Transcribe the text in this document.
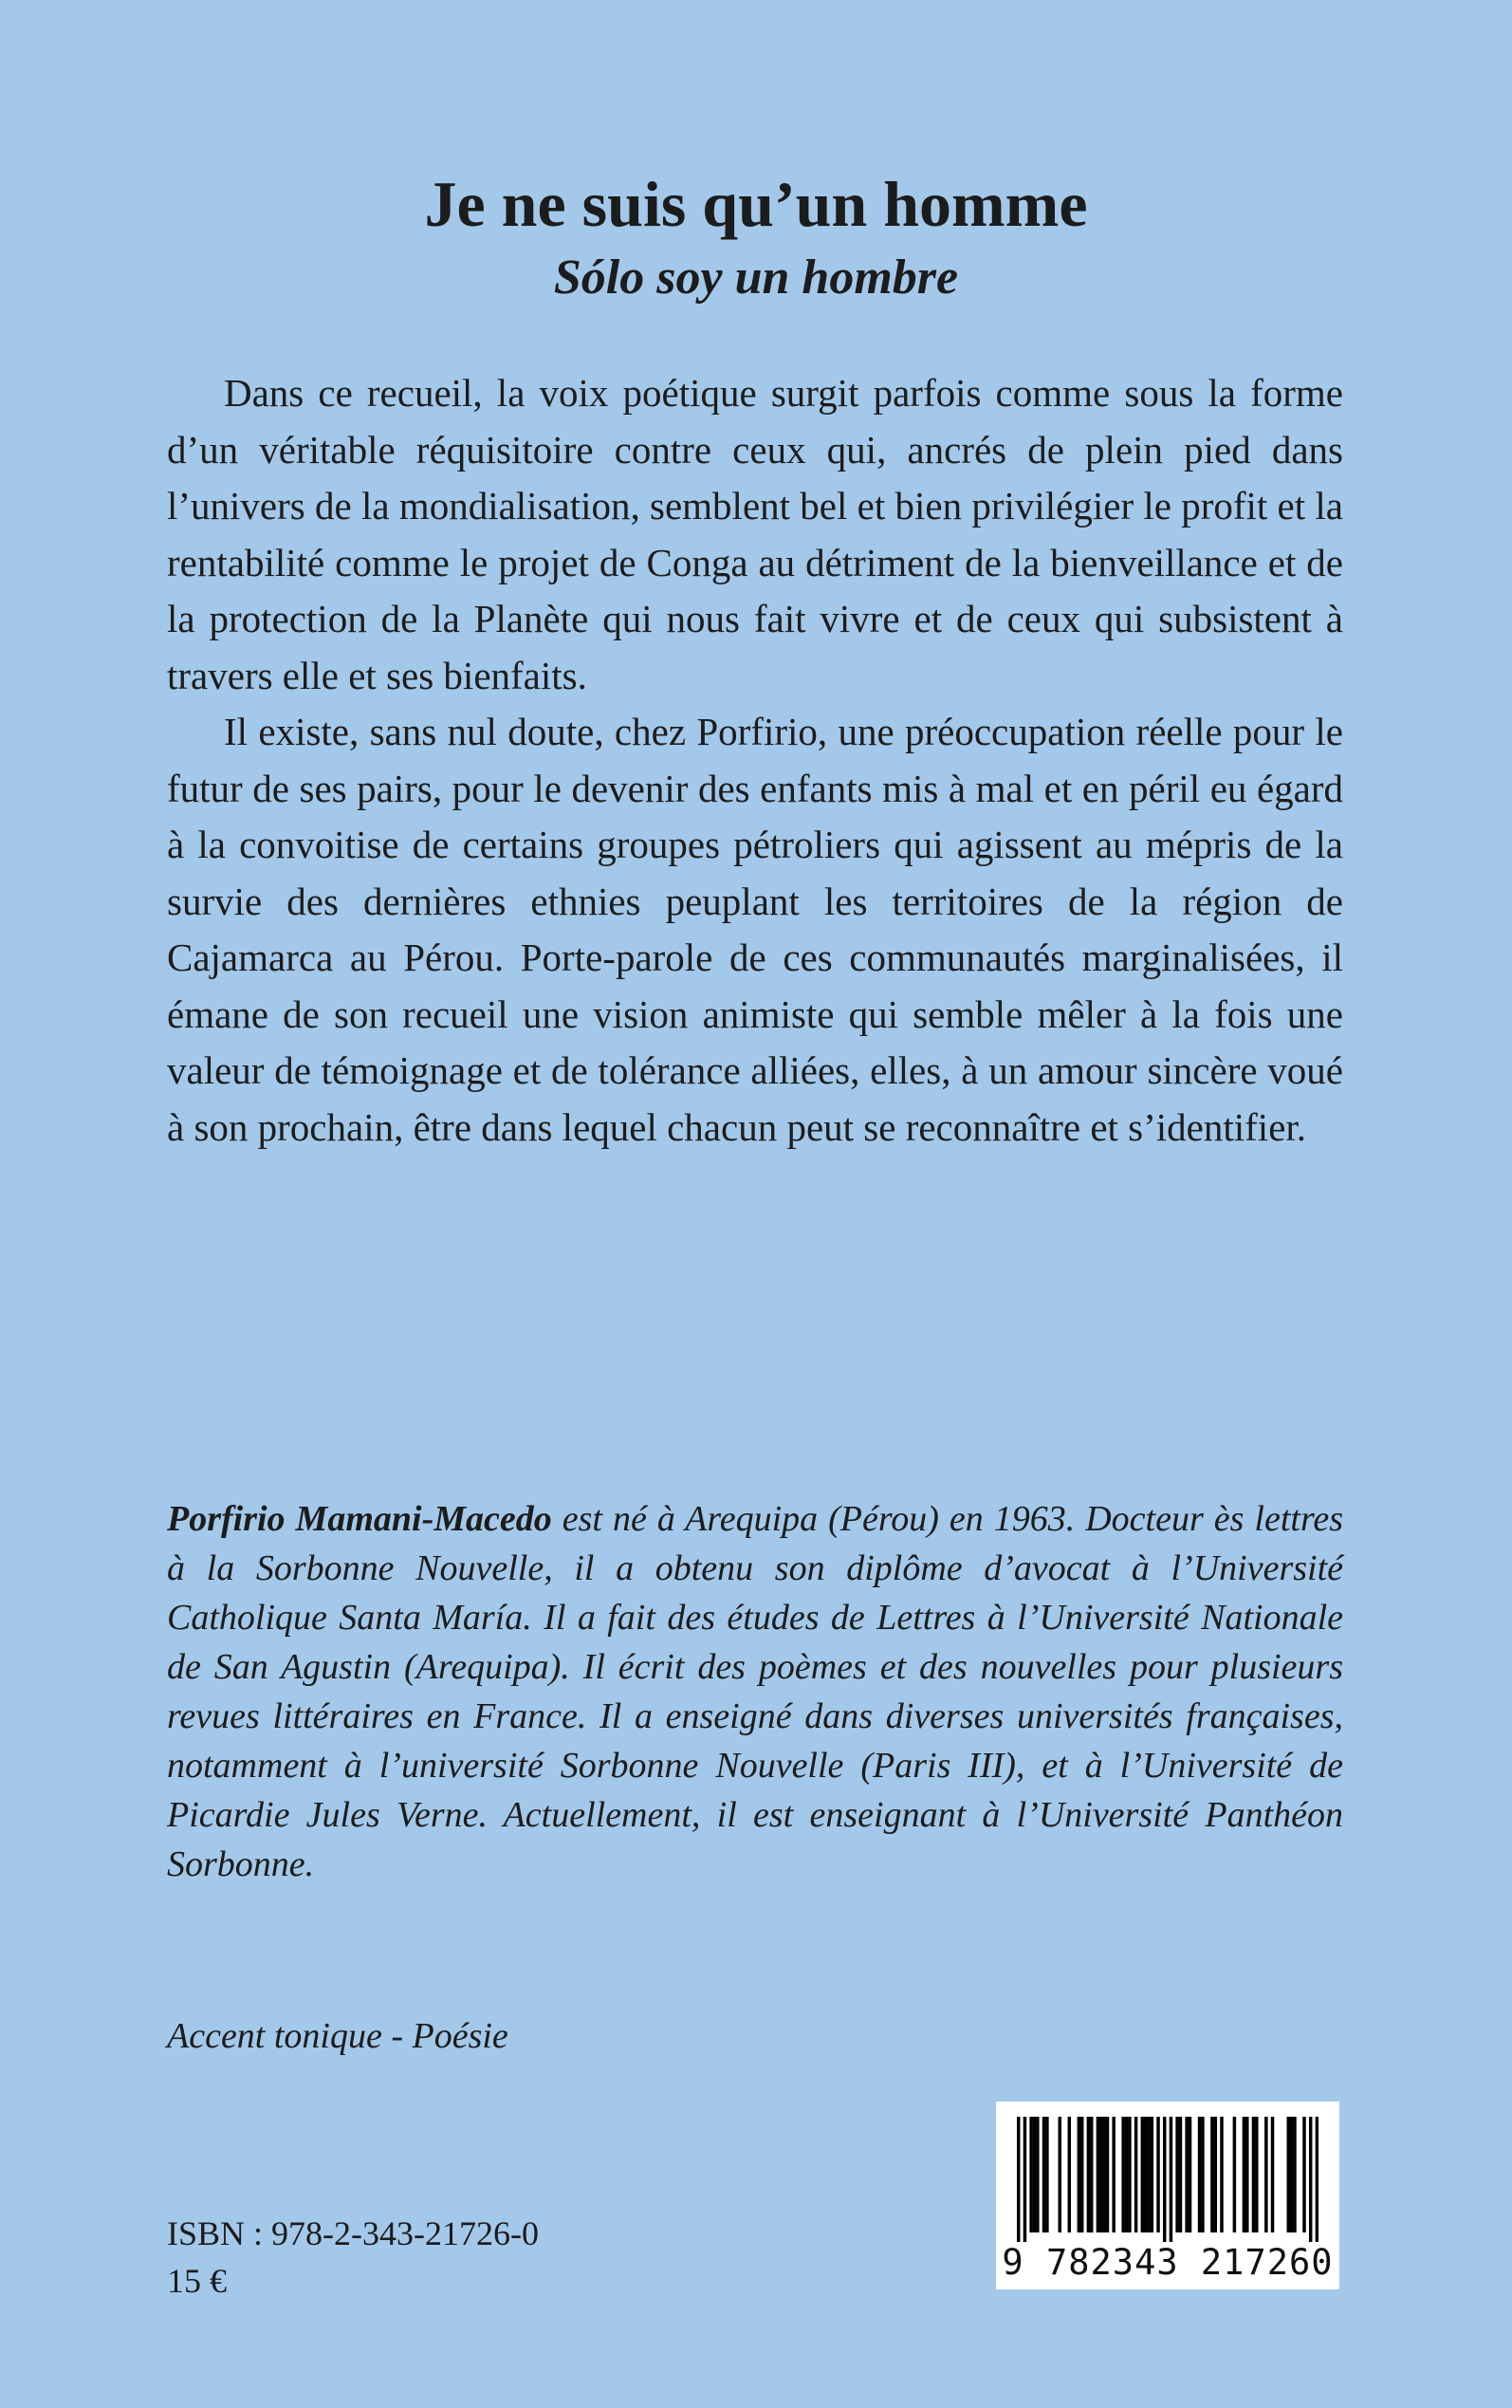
Je ne suis qu’un homme
Sólo soy un hombre

Dans ce recueil, la voix poétique surgit parfois comme sous la forme d’un véritable réquisitoire contre ceux qui, ancrés de plein pied dans l’univers de la mondialisation, semblent bel et bien privilégier le profit et la rentabilité comme le projet de Conga au détriment de la bienveillance et de la protection de la Planète qui nous fait vivre et de ceux qui subsistent à travers elle et ses bienfaits.

Il existe, sans nul doute, chez Porfirio, une préoccupation réelle pour le futur de ses pairs, pour le devenir des enfants mis à mal et en péril eu égard à la convoitise de certains groupes pétroliers qui agissent au mépris de la survie des dernières ethnies peuplant les territoires de la région de Cajamarca au Pérou. Porte-parole de ces communautés marginalisées, il émane de son recueil une vision animiste qui semble mêler à la fois une valeur de témoignage et de tolérance alliées, elles, à un amour sincère voué à son prochain, être dans lequel chacun peut se reconnaître et s’identifier.

Porfirio Mamani-Macedo est né à Arequipa (Pérou) en 1963. Docteur ès lettres à la Sorbonne Nouvelle, il a obtenu son diplôme d’avocat à l’Université Catholique Santa María. Il a fait des études de Lettres à l’Université Nationale de San Agustin (Arequipa). Il écrit des poèmes et des nouvelles pour plusieurs revues littéraires en France. Il a enseigné dans diverses universités françaises, notamment à l’université Sorbonne Nouvelle (Paris III), et à l’Université de Picardie Jules Verne. Actuellement, il est enseignant à l’Université Panthéon Sorbonne.

Accent tonique - Poésie

ISBN : 978-2-343-21726-0

15 €	9 782343 217260
